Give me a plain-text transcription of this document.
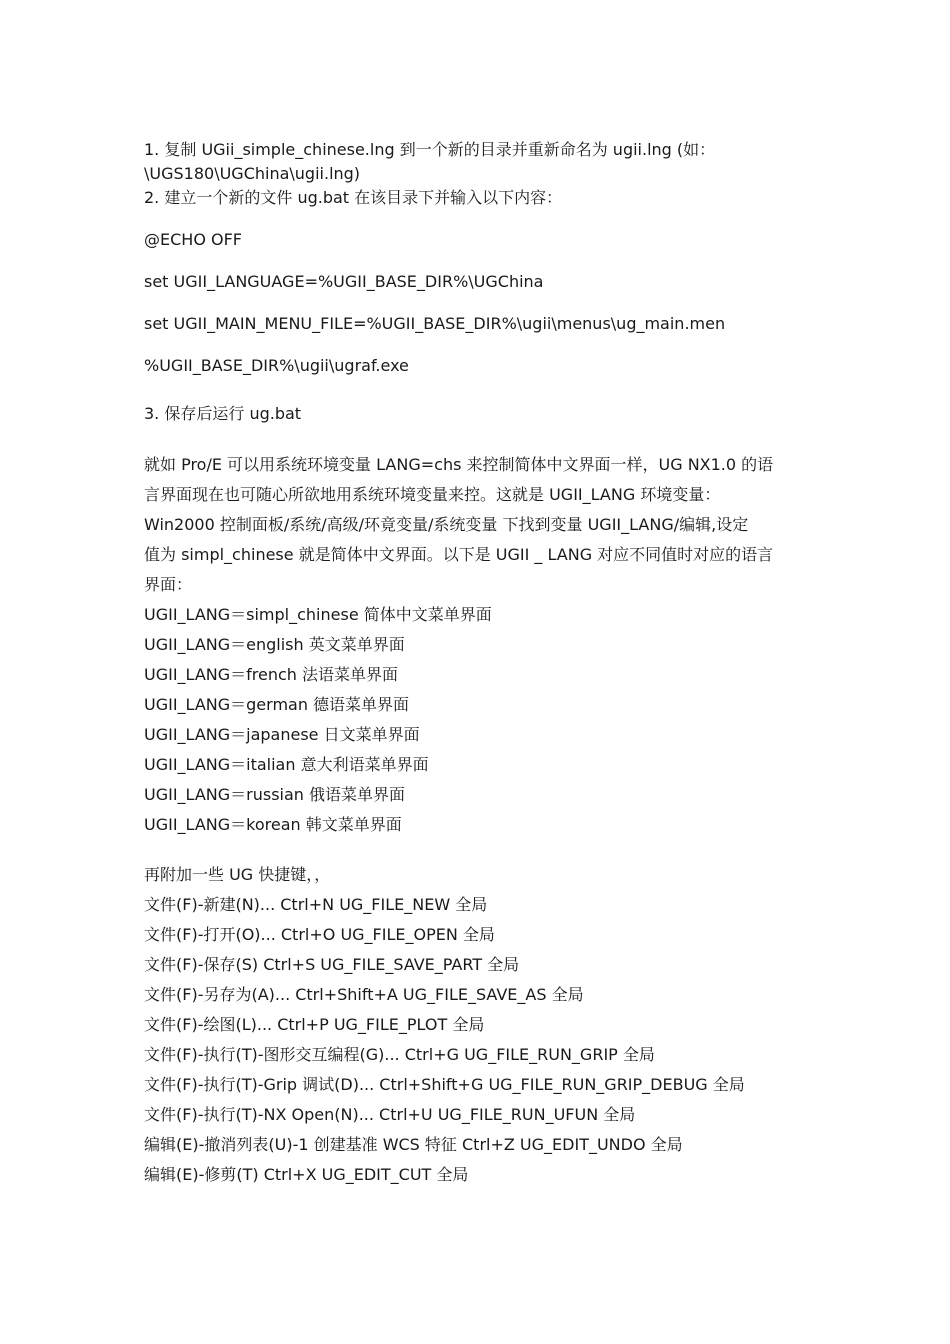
1. 复制 UGii_simple_chinese.lng 到一个新的目录并重新命名为 ugii.lng (如：
\UGS180\UGChina\ugii.lng)
2. 建立一个新的文件 ug.bat 在该目录下并输入以下内容：
@ECHO OFF
set UGII_LANGUAGE=%UGII_BASE_DIR%\UGChina
set UGII_MAIN_MENU_FILE=%UGII_BASE_DIR%\ugii\menus\ug_main.men
%UGII_BASE_DIR%\ugii\ugraf.exe
3. 保存后运行 ug.bat
就如 Pro/E 可以用系统环境变量 LANG=chs 来控制简体中文界面一样，UG NX1.0 的语
言界面现在也可随心所欲地用系统环境变量来控。这就是 UGII_LANG 环境变量：
Win2000 控制面板/系统/高级/环竟变量/系统变量 下找到变量 UGII_LANG/编辑,设定
值为 simpl_chinese 就是简体中文界面。以下是 UGII _ LANG 对应不同值时对应的语言
界面：
UGII_LANG＝simpl_chinese 简体中文菜单界面
UGII_LANG＝english 英文菜单界面
UGII_LANG＝french 法语菜单界面
UGII_LANG＝german 德语菜单界面
UGII_LANG＝japanese 日文菜单界面
UGII_LANG＝italian 意大利语菜单界面
UGII_LANG＝russian 俄语菜单界面
UGII_LANG＝korean 韩文菜单界面
再附加一些 UG 快捷键，，
文件(F)-新建(N)... Ctrl+N UG_FILE_NEW 全局
文件(F)-打开(O)... Ctrl+O UG_FILE_OPEN 全局
文件(F)-保存(S) Ctrl+S UG_FILE_SAVE_PART 全局
文件(F)-另存为(A)... Ctrl+Shift+A UG_FILE_SAVE_AS 全局
文件(F)-绘图(L)... Ctrl+P UG_FILE_PLOT 全局
文件(F)-执行(T)-图形交互编程(G)... Ctrl+G UG_FILE_RUN_GRIP 全局
文件(F)-执行(T)-Grip 调试(D)... Ctrl+Shift+G UG_FILE_RUN_GRIP_DEBUG 全局
文件(F)-执行(T)-NX Open(N)... Ctrl+U UG_FILE_RUN_UFUN 全局
编辑(E)-撤消列表(U)-1 创建基准 WCS 特征 Ctrl+Z UG_EDIT_UNDO 全局
编辑(E)-修剪(T) Ctrl+X UG_EDIT_CUT 全局
